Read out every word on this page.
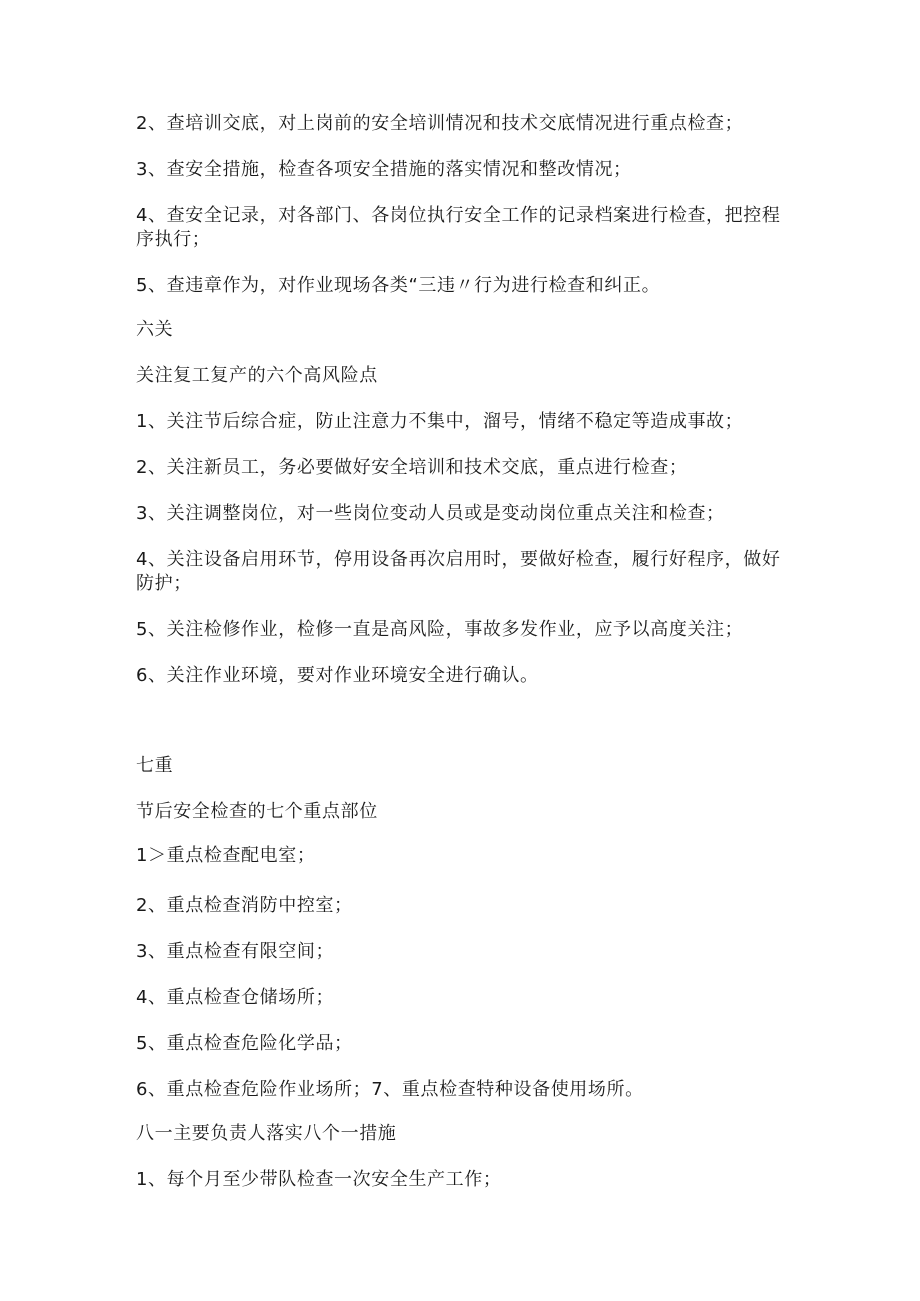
2、查培训交底，对上岗前的安全培训情况和技术交底情况进行重点检查；
3、查安全措施，检查各项安全措施的落实情况和整改情况；
4、查安全记录，对各部门、各岗位执行安全工作的记录档案进行检查，把控程
序执行；
5、查违章作为，对作业现场各类“三违〃行为进行检查和纠正。
六关
关注复工复产的六个高风险点
1、关注节后综合症，防止注意力不集中，溜号，情绪不稳定等造成事故；
2、关注新员工，务必要做好安全培训和技术交底，重点进行检查；
3、关注调整岗位，对一些岗位变动人员或是变动岗位重点关注和检查；
4、关注设备启用环节，停用设备再次启用时，要做好检查，履行好程序，做好
防护；
5、关注检修作业，检修一直是高风险，事故多发作业，应予以高度关注；
6、关注作业环境，要对作业环境安全进行确认。
七重
节后安全检查的七个重点部位
1＞重点检查配电室；
2、重点检查消防中控室；
3、重点检查有限空间；
4、重点检查仓储场所；
5、重点检查危险化学品；
6、重点检查危险作业场所；7、重点检查特种设备使用场所。
八一主要负责人落实八个一措施
1、每个月至少带队检查一次安全生产工作；
